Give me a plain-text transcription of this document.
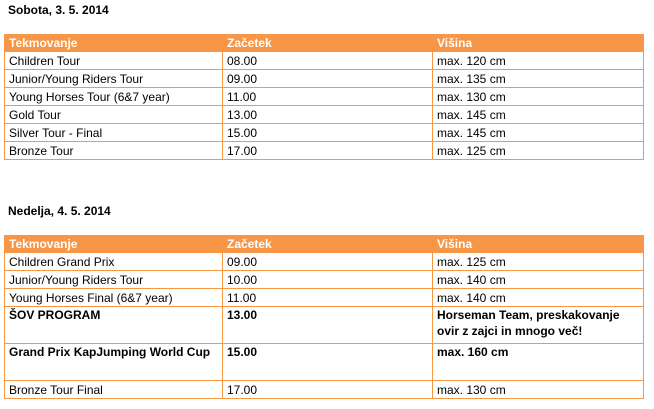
Sobota, 3. 5. 2014
Tekmovanje	Začetek	Višina
Children Tour	08.00	max. 120 cm
Junior/Young Riders Tour	09.00	max. 135 cm
Young Horses Tour (6&7 year)	11.00	max. 130 cm
Gold Tour	13.00	max. 145 cm
Silver Tour - Final	15.00	max. 145 cm
Bronze Tour	17.00	max. 125 cm
Nedelja, 4. 5. 2014
Tekmovanje	Začetek	Višina
Children Grand Prix	09.00	max. 125 cm
Junior/Young Riders Tour	10.00	max. 140 cm
Young Horses Final (6&7 year)	11.00	max. 140 cm
ŠOV PROGRAM	13.00	Horseman Team, preskakovanje ovir z zajci in mnogo več!
Grand Prix KapJumping World Cup	15.00	max. 160 cm
Bronze Tour Final	17.00	max. 130 cm
